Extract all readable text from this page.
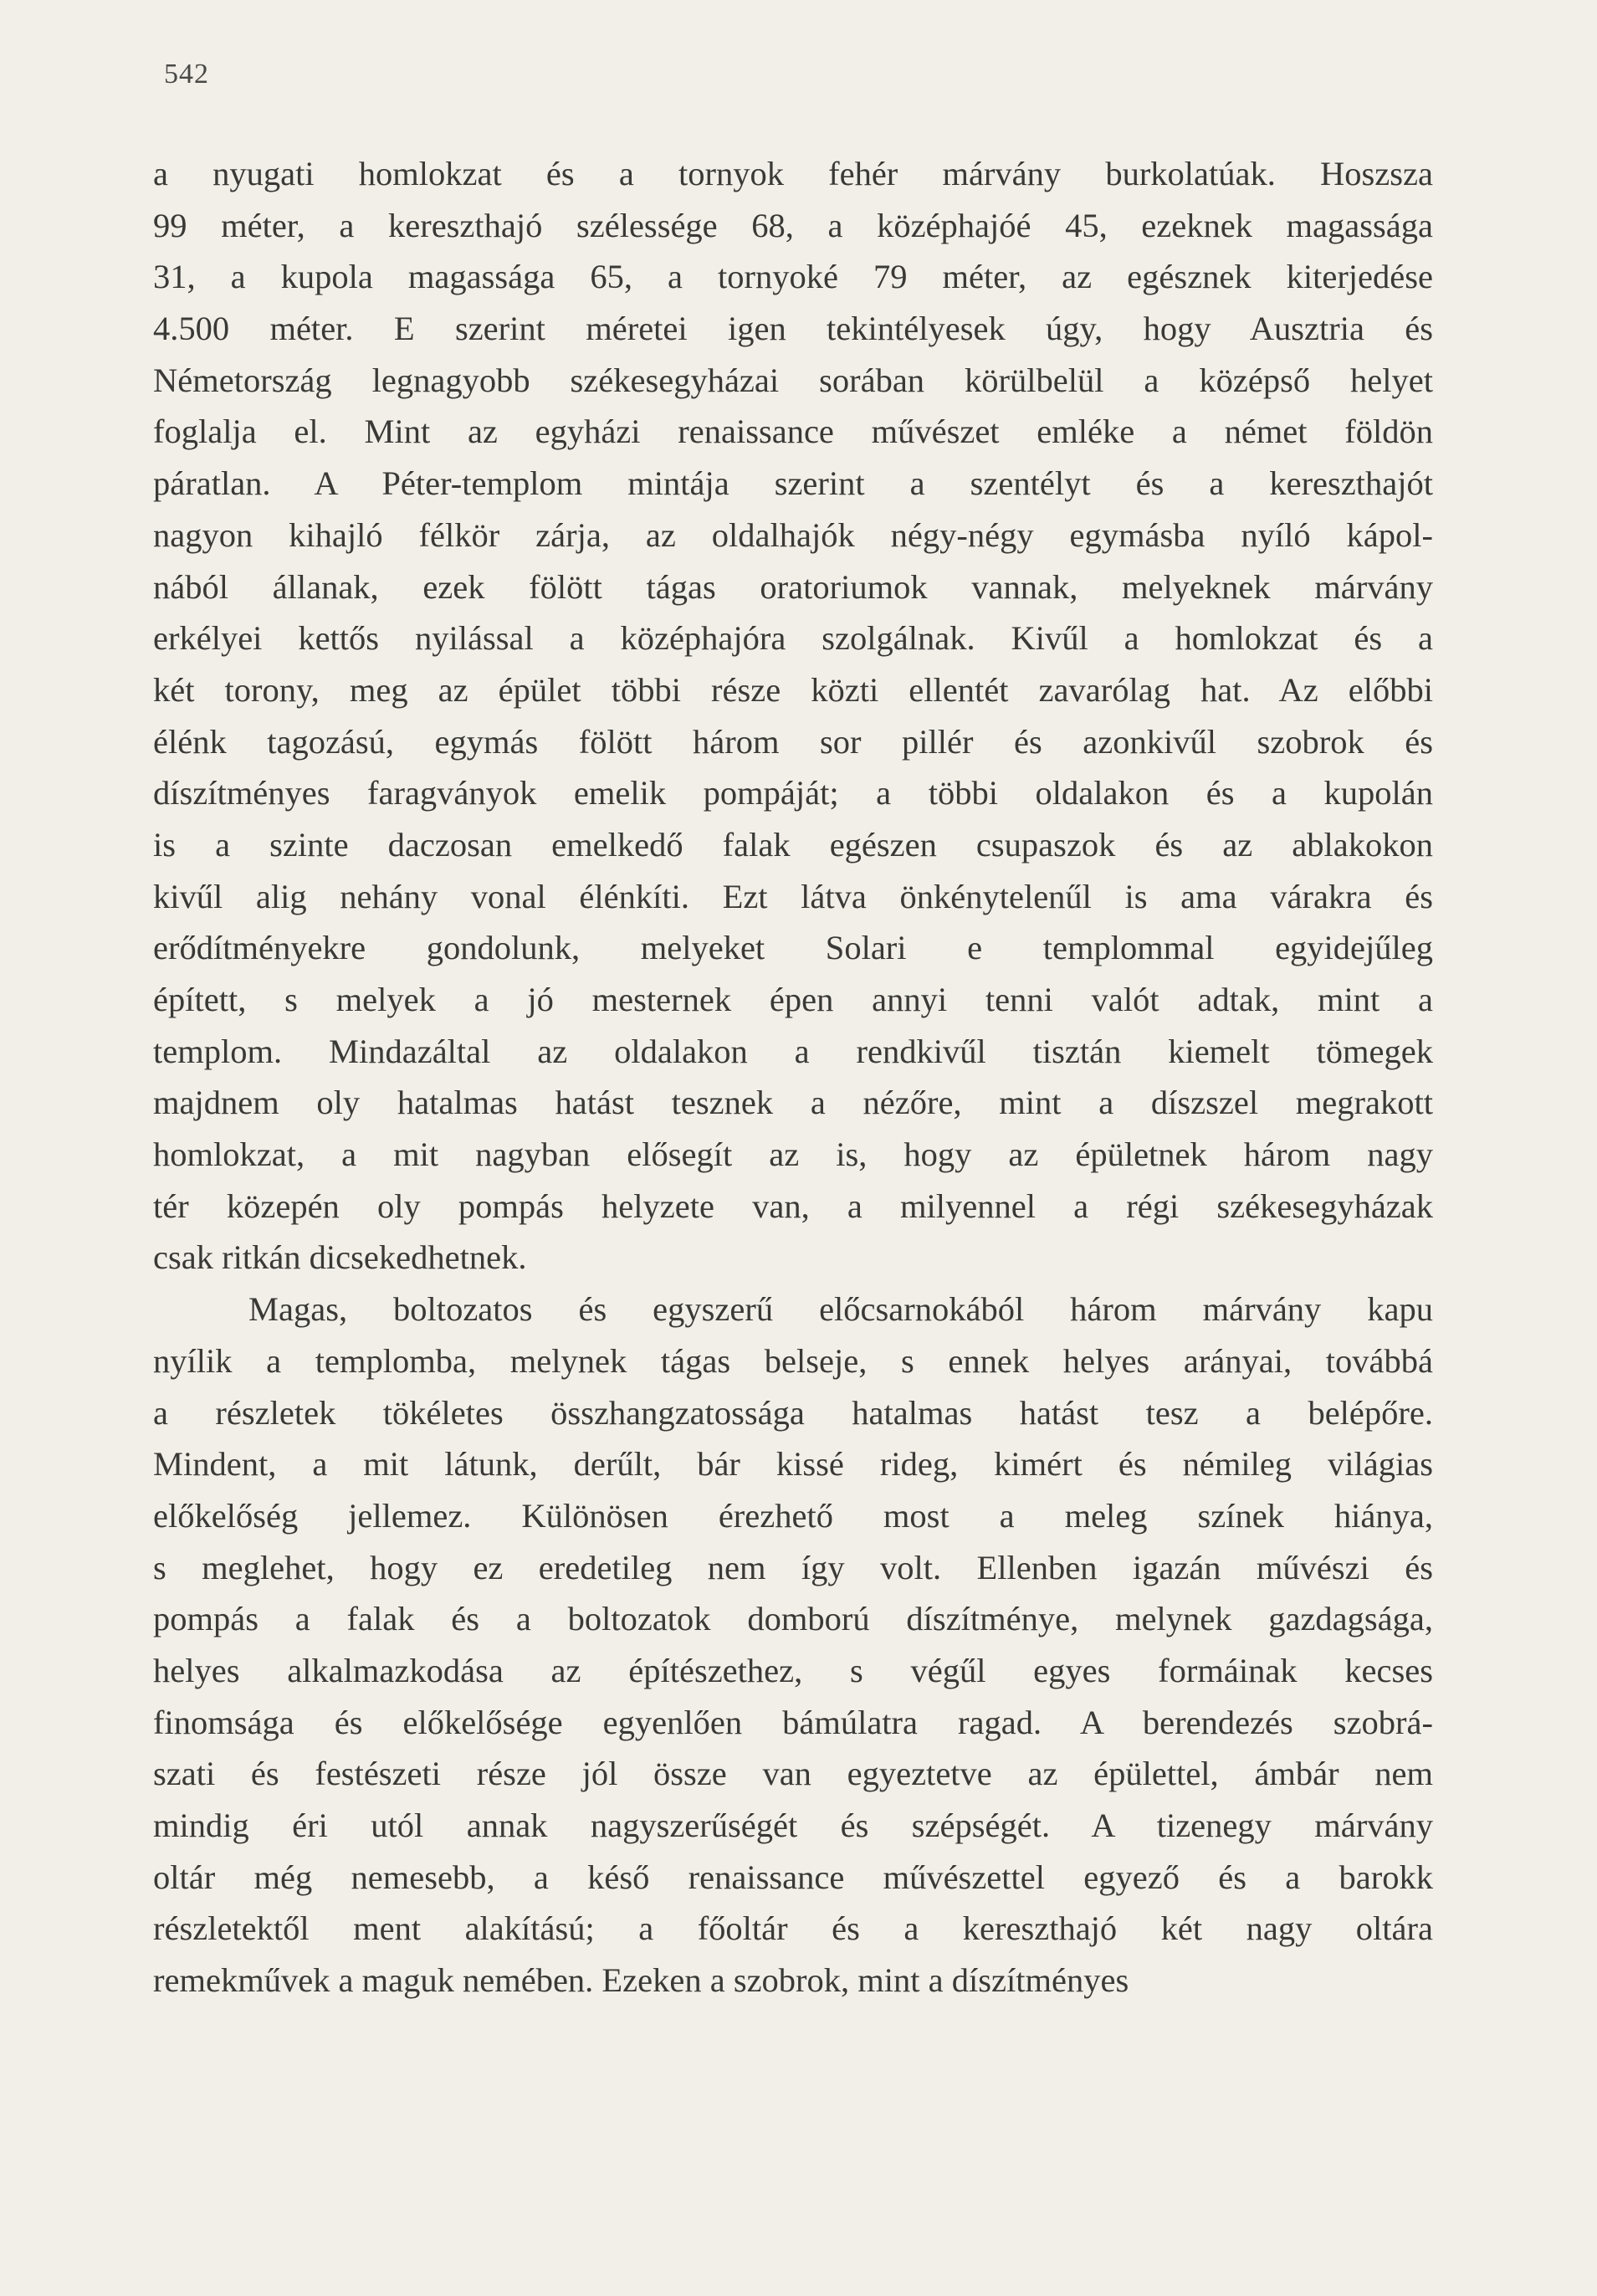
542
a nyugati homlokzat és a tornyok fehér márvány burkolatúak. Hoszsza
99 méter, a kereszthajó szélessége 68, a középhajóé 45, ezeknek magassága
31, a kupola magassága 65, a tornyoké 79 méter, az egésznek kiterjedése
4.500 méter. E szerint méretei igen tekintélyesek úgy, hogy Ausztria és
Németország legnagyobb székesegyházai sorában körülbelül a középső helyet
foglalja el. Mint az egyházi renaissance művészet emléke a német földön
páratlan. A Péter-templom mintája szerint a szentélyt és a kereszthajót
nagyon kihajló félkör zárja, az oldalhajók négy-négy egymásba nyíló kápol-
nából állanak, ezek fölött tágas oratoriumok vannak, melyeknek márvány
erkélyei kettős nyilással a középhajóra szolgálnak. Kivűl a homlokzat és a
két torony, meg az épület többi része közti ellentét zavarólag hat. Az előbbi
élénk tagozású, egymás fölött három sor pillér és azonkivűl szobrok és
díszítményes faragványok emelik pompáját; a többi oldalakon és a kupolán
is a szinte daczosan emelkedő falak egészen csupaszok és az ablakokon
kivűl alig nehány vonal élénkíti. Ezt látva önkénytelenűl is ama várakra és
erődítményekre gondolunk, melyeket Solari e templommal egyidejűleg
épített, s melyek a jó mesternek épen annyi tenni valót adtak, mint a
templom. Mindazáltal az oldalakon a rendkivűl tisztán kiemelt tömegek
majdnem oly hatalmas hatást tesznek a nézőre, mint a díszszel megrakott
homlokzat, a mit nagyban elősegít az is, hogy az épületnek három nagy
tér közepén oly pompás helyzete van, a milyennel a régi székesegyházak
csak ritkán dicsekedhetnek.
Magas, boltozatos és egyszerű előcsarnokából három márvány kapu
nyílik a templomba, melynek tágas belseje, s ennek helyes arányai, továbbá
a részletek tökéletes összhangzatossága hatalmas hatást tesz a belépőre.
Mindent, a mit látunk, derűlt, bár kissé rideg, kimért és némileg világias
előkelőség jellemez. Különösen érezhető most a meleg színek hiánya,
s meglehet, hogy ez eredetileg nem így volt. Ellenben igazán művészi és
pompás a falak és a boltozatok domború díszítménye, melynek gazdagsága,
helyes alkalmazkodása az építészethez, s végűl egyes formáinak kecses
finomsága és előkelősége egyenlően bámúlatra ragad. A berendezés szobrá-
szati és festészeti része jól össze van egyeztetve az épülettel, ámbár nem
mindig éri utól annak nagyszerűségét és szépségét. A tizenegy márvány
oltár még nemesebb, a késő renaissance művészettel egyező és a barokk
részletektől ment alakítású; a főoltár és a kereszthajó két nagy oltára
remekművek a maguk nemében. Ezeken a szobrok, mint a díszítményes
